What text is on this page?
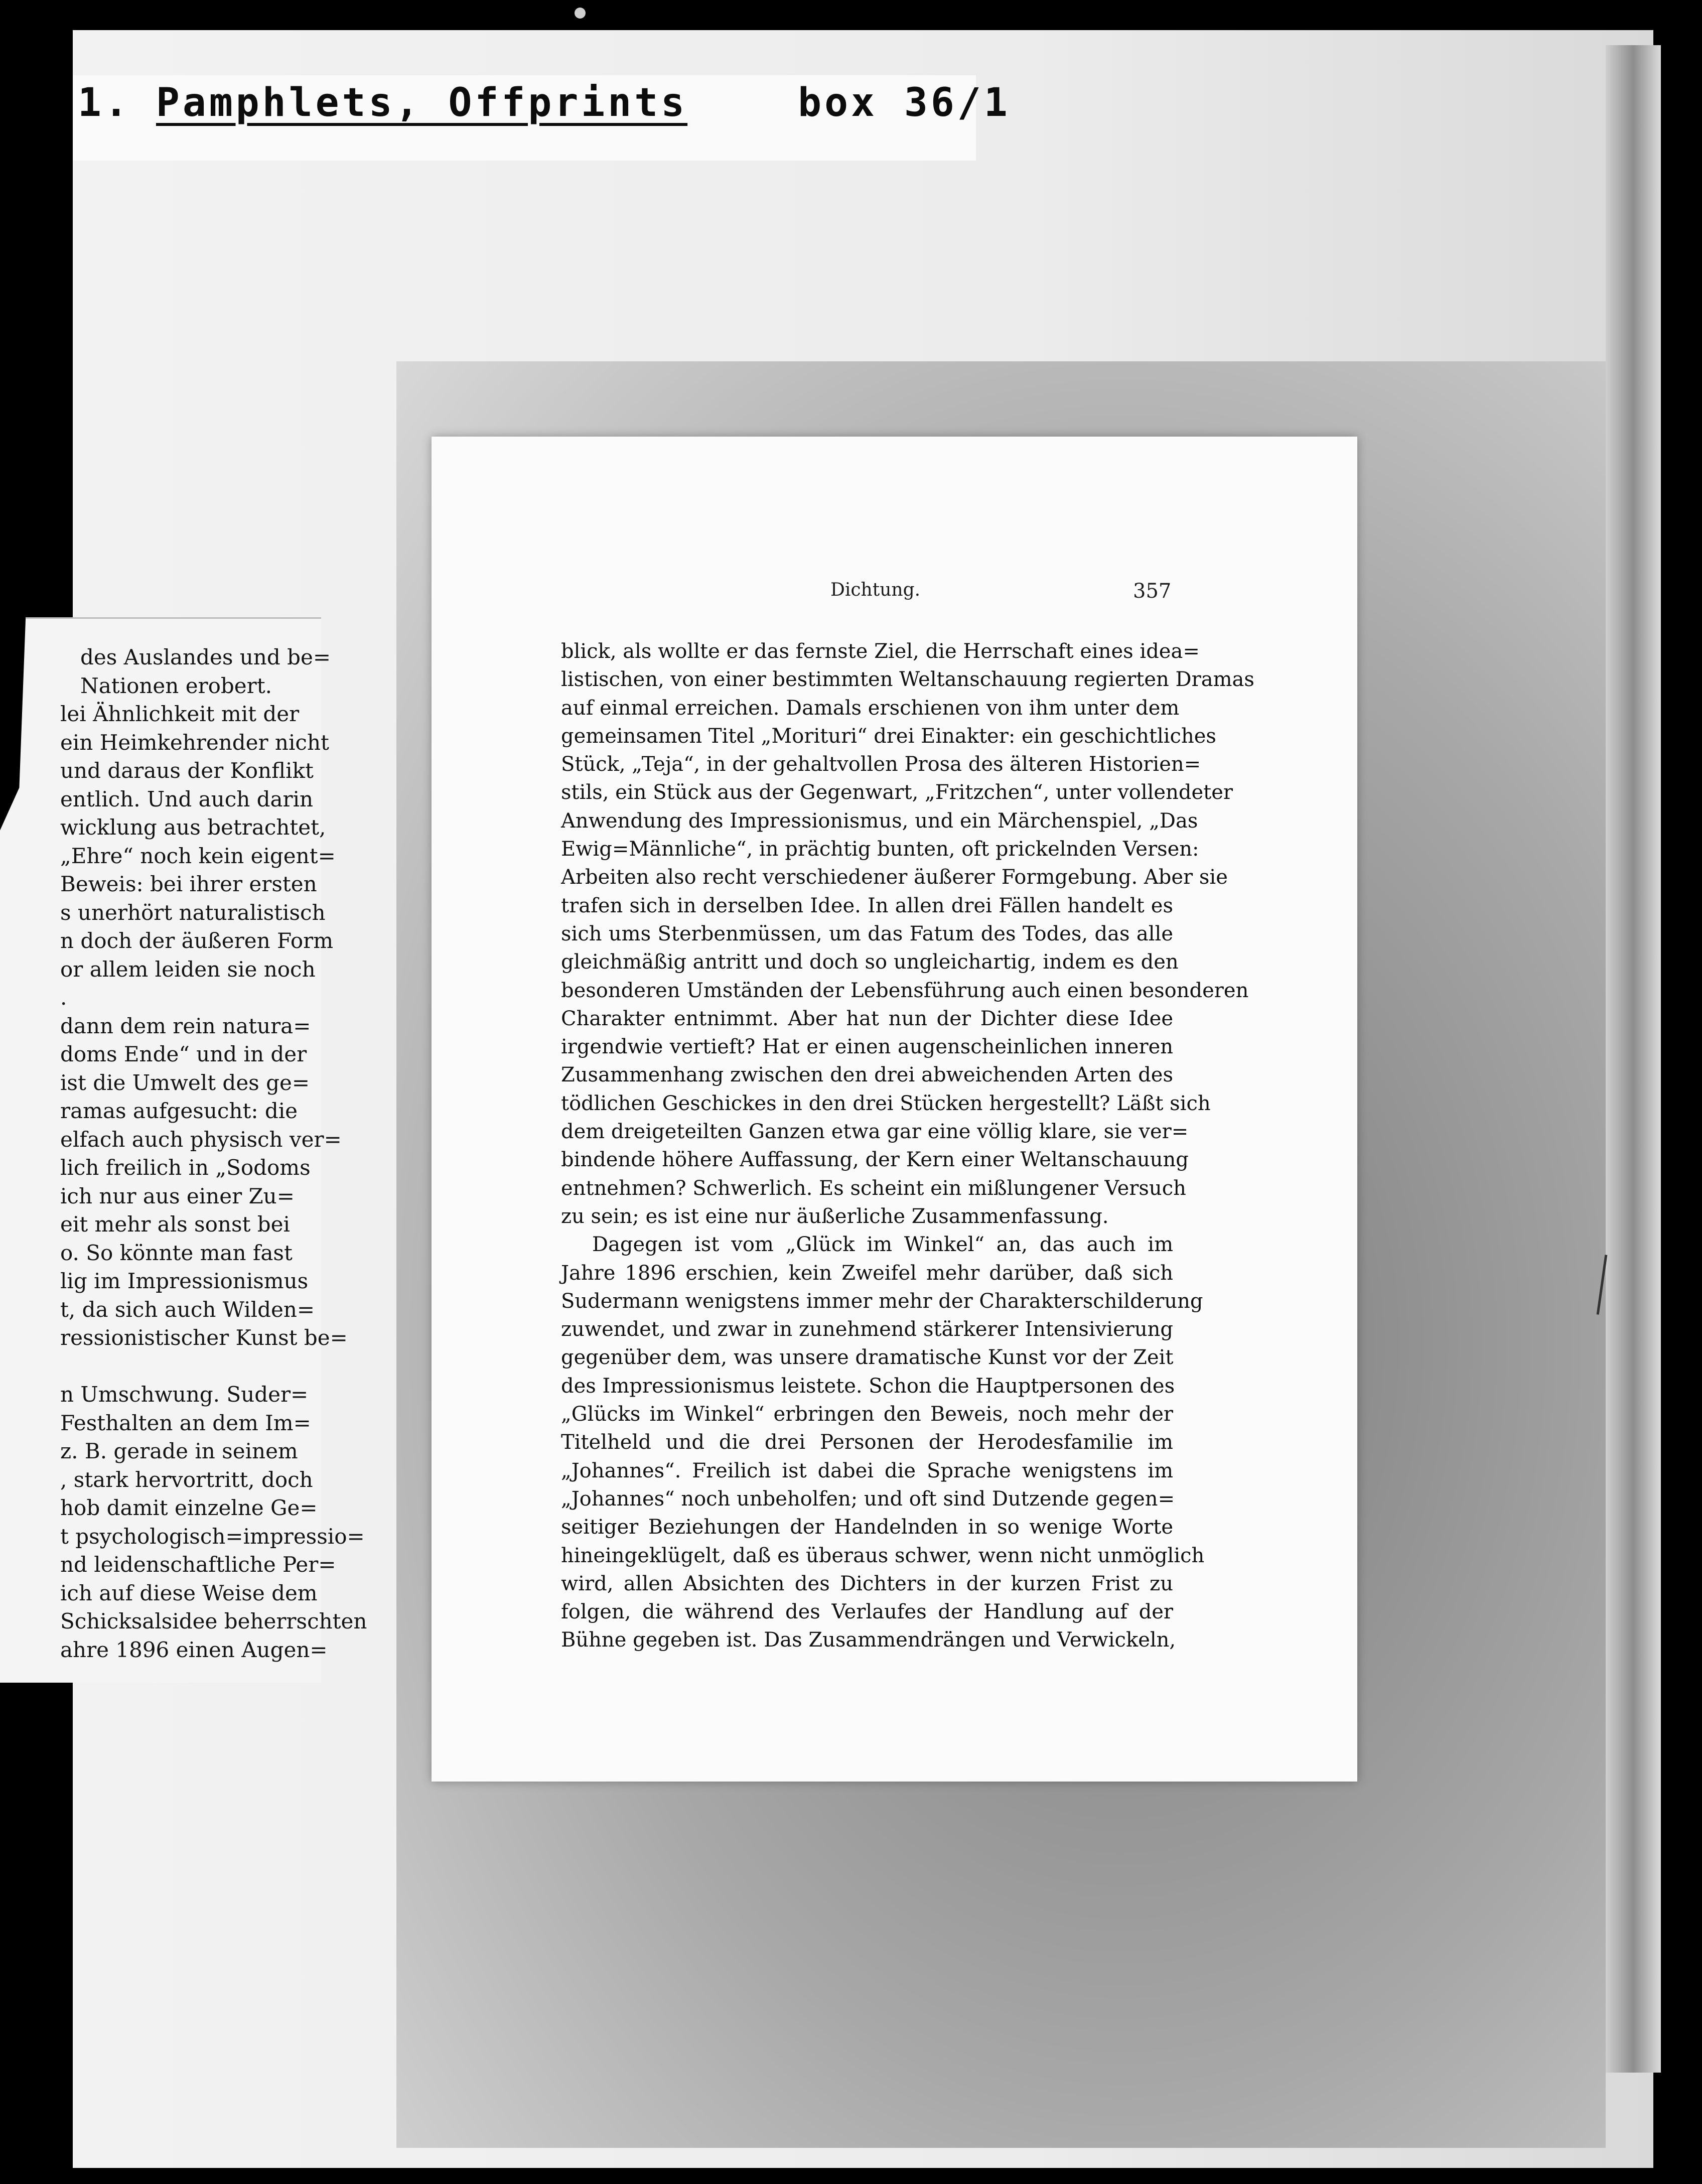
1. Pamphlets, Offprints	box 36/1
des Auslandes und be=
Nationen erobert.
lei Ähnlichkeit mit der
ein Heimkehrender nicht
und daraus der Konflikt
entlich. Und auch darin
wicklung aus betrachtet,
„Ehre“ noch kein eigent=
Beweis: bei ihrer ersten
s unerhört naturalistisch
n doch der äußeren Form
or allem leiden sie noch
.
dann dem rein natura=
doms Ende“ und in der
ist die Umwelt des ge=
ramas aufgesucht: die
elfach auch physisch ver=
lich freilich in „Sodoms
ich nur aus einer Zu=
eit mehr als sonst bei
o. So könnte man fast
lig im Impressionismus
t, da sich auch Wilden=
ressionistischer Kunst be=
n Umschwung. Suder=
Festhalten an dem Im=
z. B. gerade in seinem
, stark hervortritt, doch
hob damit einzelne Ge=
t psychologisch=impressio=
nd leidenschaftliche Per=
ich auf diese Weise dem
Schicksalsidee beherrschten
ahre 1896 einen Augen=
Dichtung.	357
blick, als wollte er das fernste Ziel, die Herrschaft eines idea=
listischen, von einer bestimmten Weltanschauung regierten Dramas
auf einmal erreichen. Damals erschienen von ihm unter dem
gemeinsamen Titel „Morituri“ drei Einakter: ein geschichtliches
Stück, „Teja“, in der gehaltvollen Prosa des älteren Historien=
stils, ein Stück aus der Gegenwart, „Fritzchen“, unter vollendeter
Anwendung des Impressionismus, und ein Märchenspiel, „Das
Ewig=Männliche“, in prächtig bunten, oft prickelnden Versen:
Arbeiten also recht verschiedener äußerer Formgebung. Aber sie
trafen sich in derselben Idee. In allen drei Fällen handelt es
sich ums Sterbenmüssen, um das Fatum des Todes, das alle
gleichmäßig antritt und doch so ungleichartig, indem es den
besonderen Umständen der Lebensführung auch einen besonderen
Charakter entnimmt. Aber hat nun der Dichter diese Idee
irgendwie vertieft? Hat er einen augenscheinlichen inneren
Zusammenhang zwischen den drei abweichenden Arten des
tödlichen Geschickes in den drei Stücken hergestellt? Läßt sich
dem dreigeteilten Ganzen etwa gar eine völlig klare, sie ver=
bindende höhere Auffassung, der Kern einer Weltanschauung
entnehmen? Schwerlich. Es scheint ein mißlungener Versuch
zu sein; es ist eine nur äußerliche Zusammenfassung.
Dagegen ist vom „Glück im Winkel“ an, das auch im
Jahre 1896 erschien, kein Zweifel mehr darüber, daß sich
Sudermann wenigstens immer mehr der Charakterschilderung
zuwendet, und zwar in zunehmend stärkerer Intensivierung
gegenüber dem, was unsere dramatische Kunst vor der Zeit
des Impressionismus leistete. Schon die Hauptpersonen des
„Glücks im Winkel“ erbringen den Beweis, noch mehr der
Titelheld und die drei Personen der Herodesfamilie im
„Johannes“. Freilich ist dabei die Sprache wenigstens im
„Johannes“ noch unbeholfen; und oft sind Dutzende gegen=
seitiger Beziehungen der Handelnden in so wenige Worte
hineingeklügelt, daß es überaus schwer, wenn nicht unmöglich
wird, allen Absichten des Dichters in der kurzen Frist zu
folgen, die während des Verlaufes der Handlung auf der
Bühne gegeben ist. Das Zusammendrängen und Verwickeln,
